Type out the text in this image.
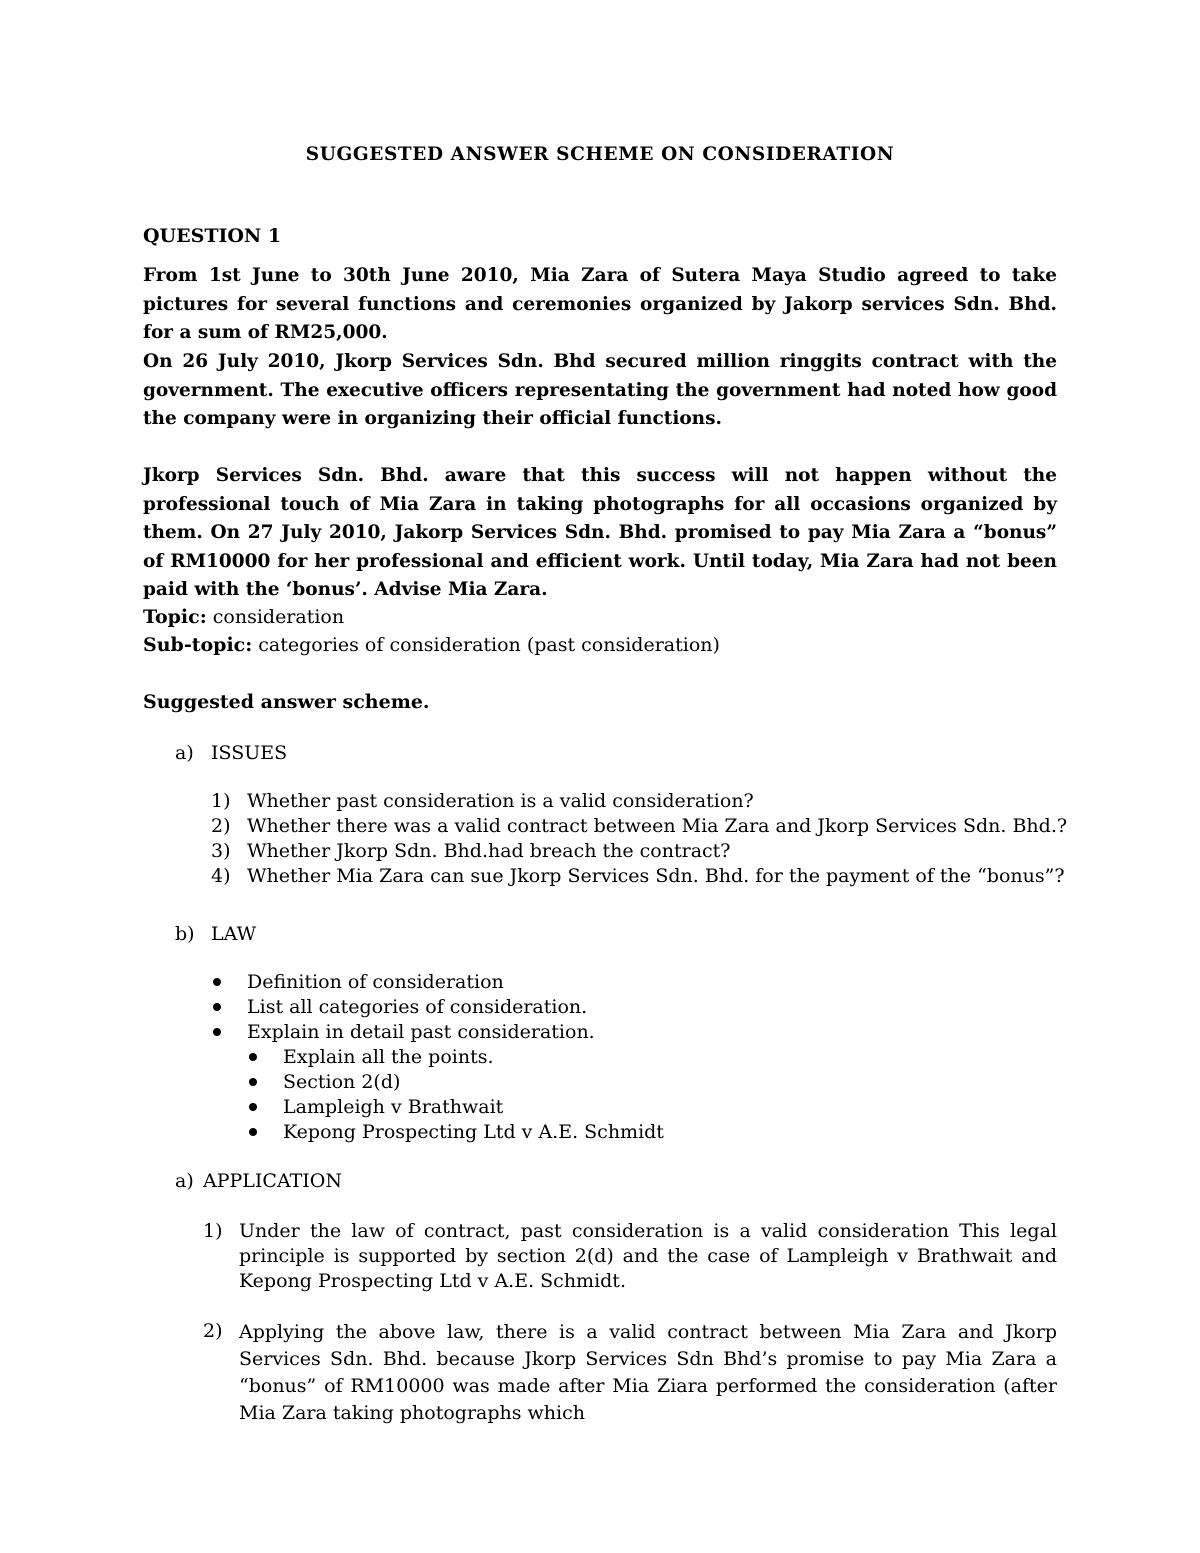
SUGGESTED ANSWER SCHEME ON CONSIDERATION
QUESTION 1

From 1st June to 30th June 2010, Mia Zara of Sutera Maya Studio agreed to take pictures for several functions and ceremonies organized by Jakorp services Sdn. Bhd. for a sum of RM25,000.

On 26 July 2010, Jkorp Services Sdn. Bhd secured million ringgits contract with the government. The executive officers representating the government had noted how good the company were in organizing their official functions.

Jkorp Services Sdn. Bhd. aware that this success will not happen without the professional touch of Mia Zara in taking photographs for all occasions organized by them. On 27 July 2010, Jakorp Services Sdn. Bhd. promised to pay Mia Zara a “bonus” of RM10000 for her professional and efficient work. Until today, Mia Zara had not been paid with the ‘bonus’. Advise Mia Zara.

Topic: consideration
Sub-topic: categories of consideration (past consideration)
Suggested answer scheme.
a) ISSUES
1) Whether past consideration is a valid consideration?
2) Whether there was a valid contract between Mia Zara and Jkorp Services Sdn. Bhd.?
3) Whether Jkorp Sdn. Bhd.had breach the contract?
4) Whether Mia Zara can sue Jkorp Services Sdn. Bhd. for the payment of the “bonus”?
b) LAW
Definition of consideration
List all categories of consideration.
Explain in detail past consideration.
Explain all the points.
Section 2(d)
Lampleigh v Brathwait
Kepong Prospecting Ltd v A.E. Schmidt
a) APPLICATION
1) Under the law of contract, past consideration is a valid consideration This legal principle is supported by section 2(d) and the case of Lampleigh v Brathwait and Kepong Prospecting Ltd v A.E. Schmidt.

2) Applying the above law, there is a valid contract between Mia Zara and Jkorp Services Sdn. Bhd. because Jkorp Services Sdn Bhd’s promise to pay Mia Zara a “bonus” of RM10000 was made after Mia Ziara performed the consideration (after Mia Zara taking photographs which
